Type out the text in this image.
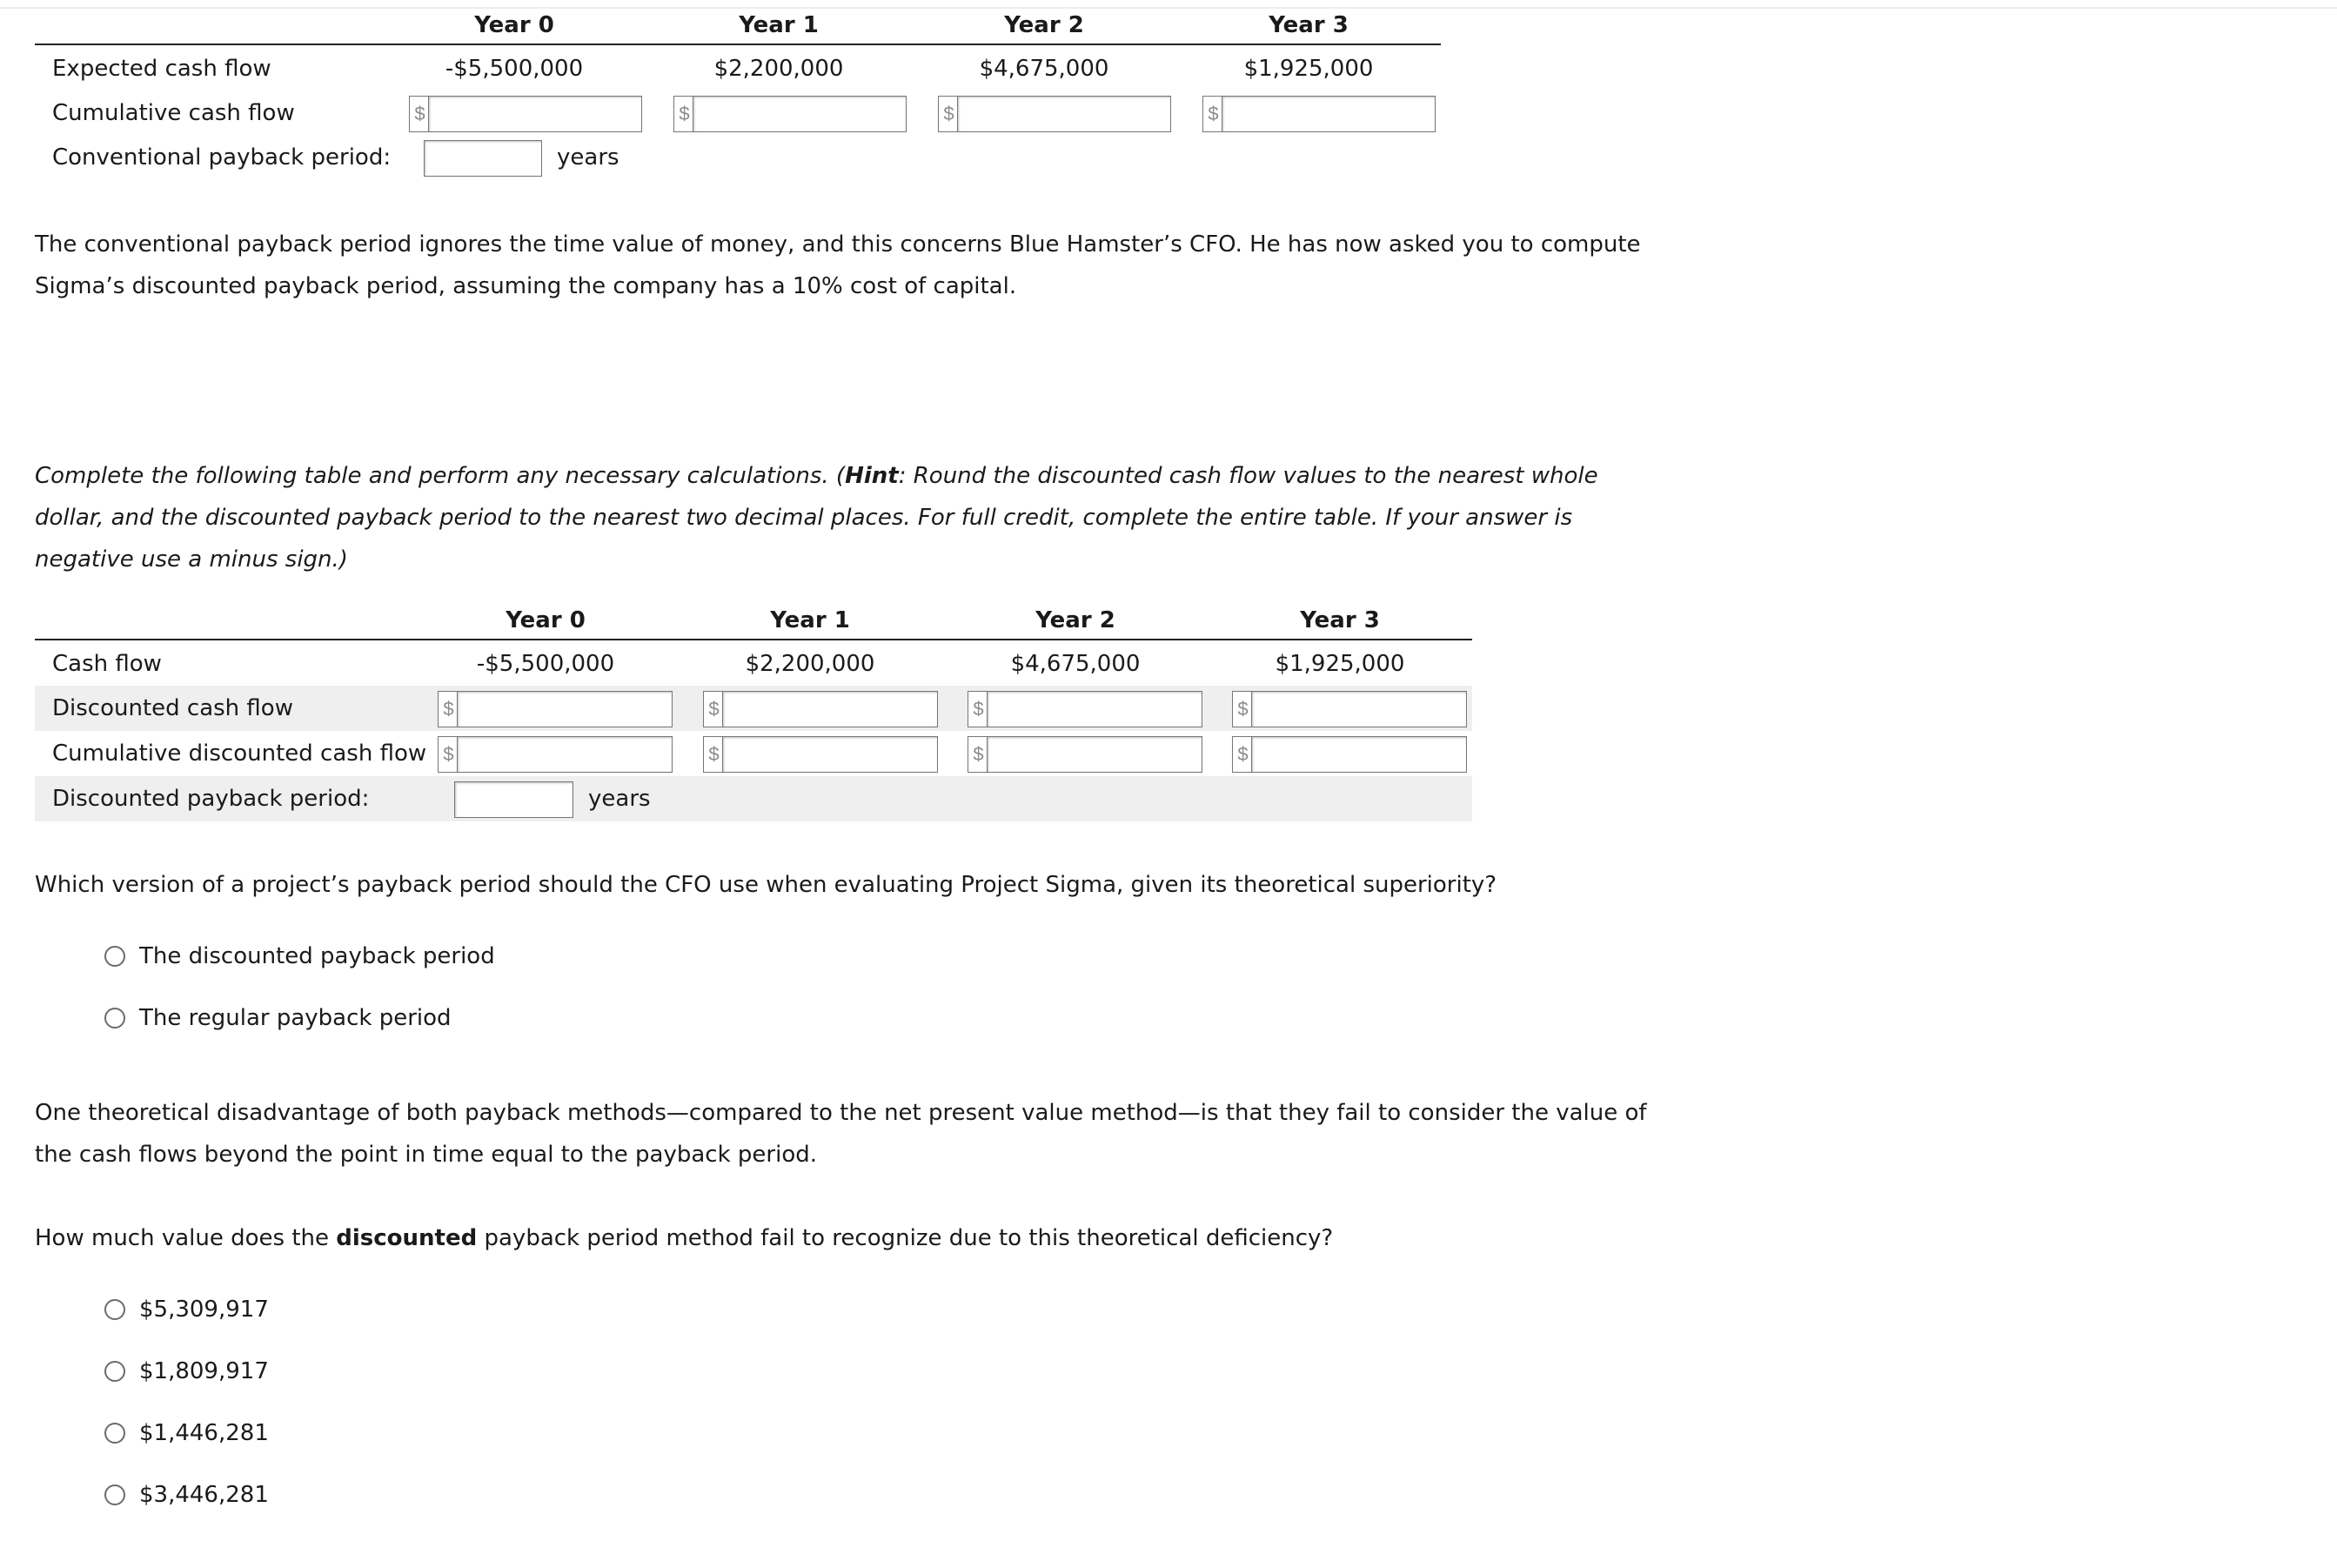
Year 0	Year 1	Year 2	Year 3
Expected cash flow	-$5,500,000	$2,200,000	$4,675,000	$1,925,000
Cumulative cash flow	$	$	$	$
Conventional payback period:	years
The conventional payback period ignores the time value of money, and this concerns Blue Hamster’s CFO. He has now asked you to compute Sigma’s discounted payback period, assuming the company has a 10% cost of capital.
Complete the following table and perform any necessary calculations. (Hint: Round the discounted cash flow values to the nearest whole dollar, and the discounted payback period to the nearest two decimal places. For full credit, complete the entire table. If your answer is negative use a minus sign.)
Year 0	Year 1	Year 2	Year 3
Cash flow	-$5,500,000	$2,200,000	$4,675,000	$1,925,000
Discounted cash flow	$	$	$	$
Cumulative discounted cash flow $	$	$	$
Discounted payback period:	years
Which version of a project’s payback period should the CFO use when evaluating Project Sigma, given its theoretical superiority?
The discounted payback period
The regular payback period
One theoretical disadvantage of both payback methods—compared to the net present value method—is that they fail to consider the value of the cash flows beyond the point in time equal to the payback period.
How much value does the discounted payback period method fail to recognize due to this theoretical deficiency?
$5,309,917
$1,809,917
$1,446,281
$3,446,281
